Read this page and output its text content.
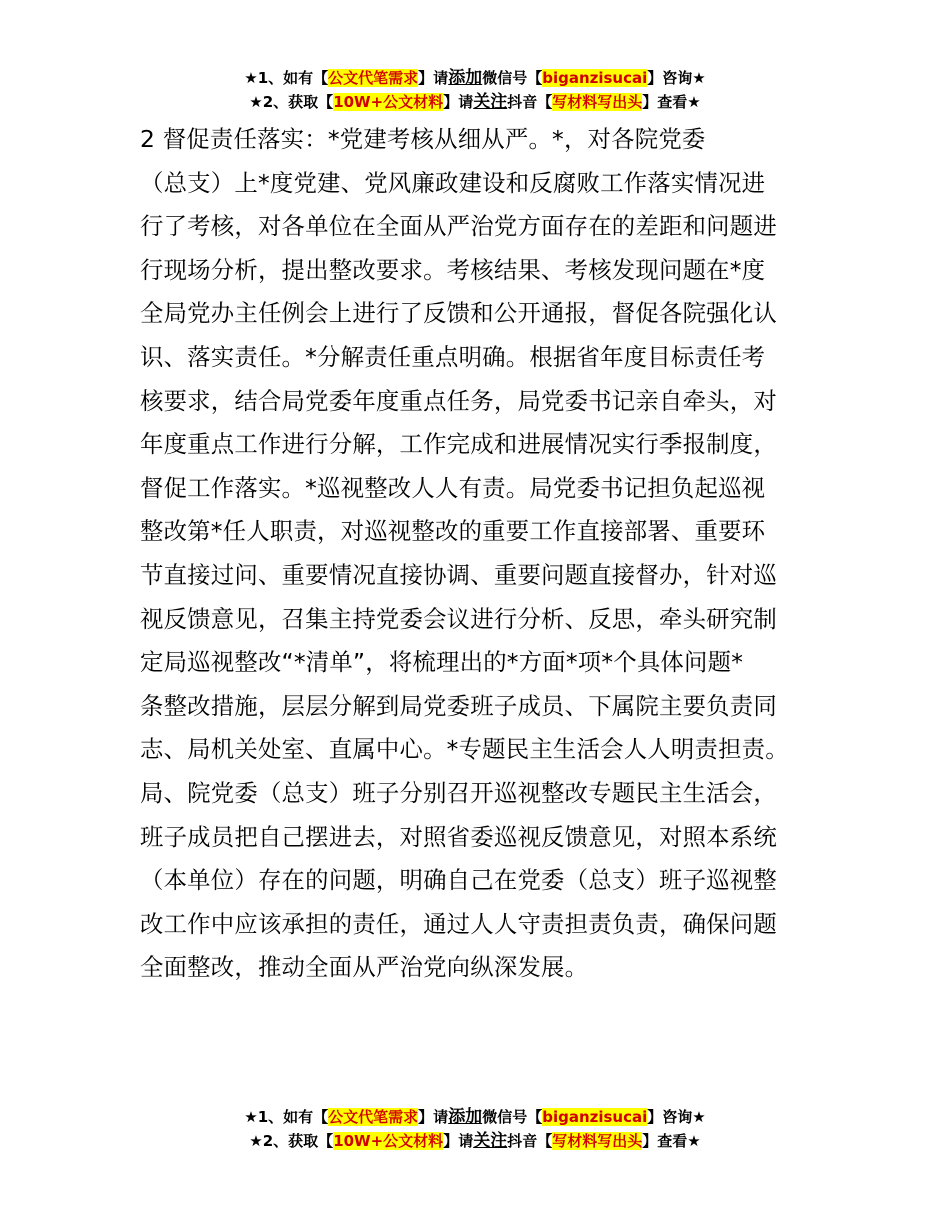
★1、如有【公文代笔需求】请添加微信号【biganzisucai】咨询★
★2、获取【10W+公文材料】请关注抖音【写材料写出头】查看★
2 督促责任落实：*党建考核从细从严。*，对各院党委
（总支）上*度党建、党风廉政建设和反腐败工作落实情况进
行了考核，对各单位在全面从严治党方面存在的差距和问题进
行现场分析，提出整改要求。考核结果、考核发现问题在*度
全局党办主任例会上进行了反馈和公开通报，督促各院强化认
识、落实责任。*分解责任重点明确。根据省年度目标责任考
核要求，结合局党委年度重点任务，局党委书记亲自牵头，对
年度重点工作进行分解，工作完成和进展情况实行季报制度，
督促工作落实。*巡视整改人人有责。局党委书记担负起巡视
整改第*任人职责，对巡视整改的重要工作直接部署、重要环
节直接过问、重要情况直接协调、重要问题直接督办，针对巡
视反馈意见，召集主持党委会议进行分析、反思，牵头研究制
定局巡视整改“*清单”，将梳理出的*方面*项*个具体问题*
条整改措施，层层分解到局党委班子成员、下属院主要负责同
志、局机关处室、直属中心。*专题民主生活会人人明责担责。
局、院党委（总支）班子分别召开巡视整改专题民主生活会，
班子成员把自己摆进去，对照省委巡视反馈意见，对照本系统
（本单位）存在的问题，明确自己在党委（总支）班子巡视整
改工作中应该承担的责任，通过人人守责担责负责，确保问题
全面整改，推动全面从严治党向纵深发展。
★1、如有【公文代笔需求】请添加微信号【biganzisucai】咨询★
★2、获取【10W+公文材料】请关注抖音【写材料写出头】查看★
